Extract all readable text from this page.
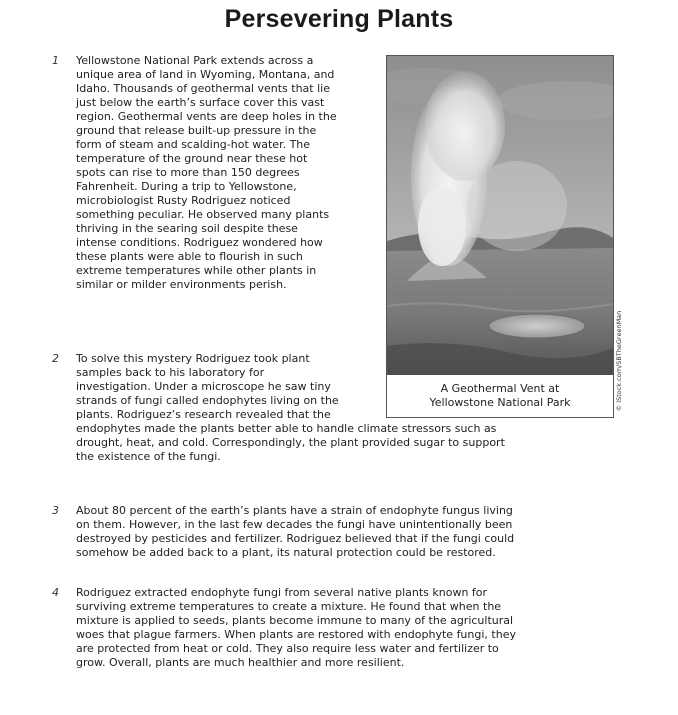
Persevering Plants
1 Yellowstone National Park extends across a
unique area of land in Wyoming, Montana, and
Idaho. Thousands of geothermal vents that lie
just below the earth’s surface cover this vast
region. Geothermal vents are deep holes in the
ground that release built-up pressure in the
form of steam and scalding-hot water. The
temperature of the ground near these hot
spots can rise to more than 150 degrees
Fahrenheit. During a trip to Yellowstone,
microbiologist Rusty Rodriguez noticed
something peculiar. He observed many plants
thriving in the searing soil despite these
intense conditions. Rodriguez wondered how
these plants were able to flourish in such
extreme temperatures while other plants in
similar or milder environments perish.
2 To solve this mystery Rodriguez took plant
samples back to his laboratory for
investigation. Under a microscope he saw tiny
strands of fungi called endophytes living on the
plants. Rodriguez’s research revealed that the
endophytes made the plants better able to handle climate stressors such as
drought, heat, and cold. Correspondingly, the plant provided sugar to support
the existence of the fungi.
3 About 80 percent of the earth’s plants have a strain of endophyte fungus living
on them. However, in the last few decades the fungi have unintentionally been
destroyed by pesticides and fertilizer. Rodriguez believed that if the fungi could
somehow be added back to a plant, its natural protection could be restored.
4 Rodriguez extracted endophyte fungi from several native plants known for
surviving extreme temperatures to create a mixture. He found that when the
mixture is applied to seeds, plants become immune to many of the agricultural
woes that plague farmers. When plants are restored with endophyte fungi, they
are protected from heat or cold. They also require less water and fertilizer to
grow. Overall, plants are much healthier and more resilient.
A Geothermal Vent at
Yellowstone National Park	© iStock.com/SBTheGreenMan
